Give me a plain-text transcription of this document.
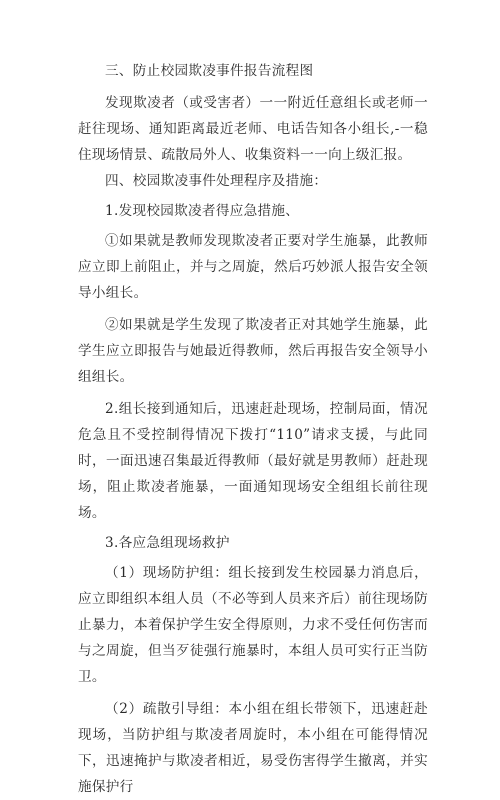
三、防止校园欺凌事件报告流程图

发现欺凌者（或受害者）一一附近任意组长或老师一赶往现场、通知距离最近老师、电话告知各小组长,-一稳住现场情景、疏散局外人、收集资料一一向上级汇报。

四、校园欺凌事件处理程序及措施：

1.发现校园欺凌者得应急措施、

①如果就是教师发现欺凌者正要对学生施暴，此教师应立即上前阻止，并与之周旋，然后巧妙派人报告安全领导小组长。

②如果就是学生发现了欺凌者正对其她学生施暴，此学生应立即报告与她最近得教师，然后再报告安全领导小组组长。

2.组长接到通知后，迅速赶赴现场，控制局面，情况危急且不受控制得情况下拨打“110”请求支援，与此同时，一面迅速召集最近得教师（最好就是男教师）赶赴现场，阻止欺凌者施暴，一面通知现场安全组组长前往现场。

3.各应急组现场救护

（1）现场防护组：组长接到发生校园暴力消息后，应立即组织本组人员（不必等到人员来齐后）前往现场防止暴力，本着保护学生安全得原则，力求不受任何伤害而与之周旋，但当歹徒强行施暴时，本组人员可实行正当防卫。

（2）疏散引导组：本小组在组长带领下，迅速赶赴现场，当防护组与欺凌者周旋时，本小组在可能得情况下，迅速掩护与欺凌者相近，易受伤害得学生撤离，并实施保护行
